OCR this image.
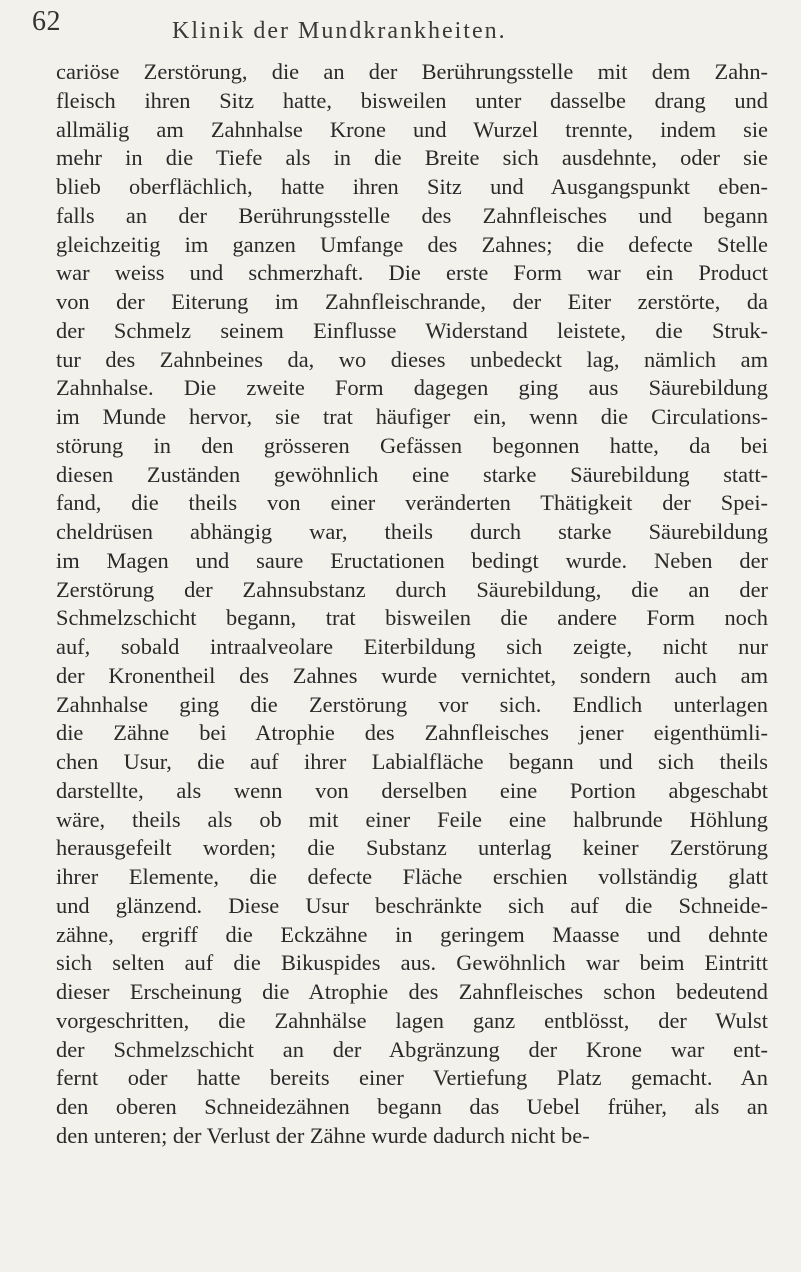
62	Klinik der Mundkrankheiten.
cariöse Zerstörung, die an der Berührungsstelle mit dem Zahn-
fleisch ihren Sitz hatte, bisweilen unter dasselbe drang und
allmälig am Zahnhalse Krone und Wurzel trennte, indem sie
mehr in die Tiefe als in die Breite sich ausdehnte, oder sie
blieb oberflächlich, hatte ihren Sitz und Ausgangspunkt eben-
falls an der Berührungsstelle des Zahnfleisches und begann
gleichzeitig im ganzen Umfange des Zahnes; die defecte Stelle
war weiss und schmerzhaft. Die erste Form war ein Product
von der Eiterung im Zahnfleischrande, der Eiter zerstörte, da
der Schmelz seinem Einflusse Widerstand leistete, die Struk-
tur des Zahnbeines da, wo dieses unbedeckt lag, nämlich am
Zahnhalse. Die zweite Form dagegen ging aus Säurebildung
im Munde hervor, sie trat häufiger ein, wenn die Circulations-
störung in den grösseren Gefässen begonnen hatte, da bei
diesen Zuständen gewöhnlich eine starke Säurebildung statt-
fand, die theils von einer veränderten Thätigkeit der Spei-
cheldrüsen abhängig war, theils durch starke Säurebildung
im Magen und saure Eructationen bedingt wurde. Neben der
Zerstörung der Zahnsubstanz durch Säurebildung, die an der
Schmelzschicht begann, trat bisweilen die andere Form noch
auf, sobald intraalveolare Eiterbildung sich zeigte, nicht nur
der Kronentheil des Zahnes wurde vernichtet, sondern auch am
Zahnhalse ging die Zerstörung vor sich. Endlich unterlagen
die Zähne bei Atrophie des Zahnfleisches jener eigenthümli-
chen Usur, die auf ihrer Labialfläche begann und sich theils
darstellte, als wenn von derselben eine Portion abgeschabt
wäre, theils als ob mit einer Feile eine halbrunde Höhlung
herausgefeilt worden; die Substanz unterlag keiner Zerstörung
ihrer Elemente, die defecte Fläche erschien vollständig glatt
und glänzend. Diese Usur beschränkte sich auf die Schneide-
zähne, ergriff die Eckzähne in geringem Maasse und dehnte
sich selten auf die Bikuspides aus. Gewöhnlich war beim Eintritt
dieser Erscheinung die Atrophie des Zahnfleisches schon bedeutend
vorgeschritten, die Zahnhälse lagen ganz entblösst, der Wulst
der Schmelzschicht an der Abgränzung der Krone war ent-
fernt oder hatte bereits einer Vertiefung Platz gemacht. An
den oberen Schneidezähnen begann das Uebel früher, als an
den unteren; der Verlust der Zähne wurde dadurch nicht be-
